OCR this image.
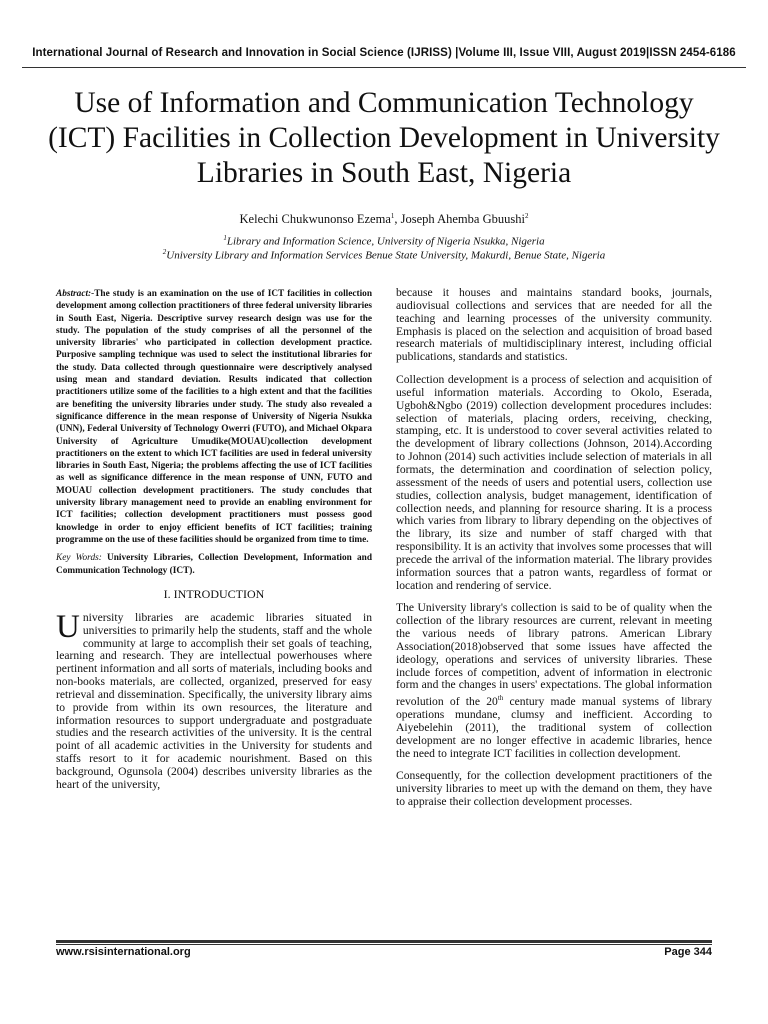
International Journal of Research and Innovation in Social Science (IJRISS) |Volume III, Issue VIII, August 2019|ISSN 2454-6186
Use of Information and Communication Technology (ICT) Facilities in Collection Development in University Libraries in South East, Nigeria
Kelechi Chukwunonso Ezema$^1$, Joseph Ahemba Gbuushi$^2$
$^1$Library and Information Science, University of Nigeria Nsukka, Nigeria
$^2$University Library and Information Services Benue State University, Makurdi, Benue State, Nigeria

Abstract:-The study is an examination on the use of ICT facilities in collection development among collection practitioners of three federal university libraries in South East, Nigeria. Descriptive survey research design was use for the study. The population of the study comprises of all the personnel of the university libraries' who participated in collection development practice. Purposive sampling technique was used to select the institutional libraries for the study. Data collected through questionnaire were descriptively analysed using mean and standard deviation. Results indicated that collection practitioners utilize some of the facilities to a high extent and that the facilities are benefiting the university libraries under study. The study also revealed a significance difference in the mean response of University of Nigeria Nsukka (UNN), Federal University of Technology Owerri (FUTO), and Michael Okpara University of Agriculture Umudike(MOUAU)collection development practitioners on the extent to which ICT facilities are used in federal university libraries in South East, Nigeria; the problems affecting the use of ICT facilities as well as significance difference in the mean response of UNN, FUTO and MOUAU collection development practitioners. The study concludes that university library management need to provide an enabling environment for ICT facilities; collection development practitioners must possess good knowledge in order to enjoy efficient benefits of ICT facilities; training programme on the use of these facilities should be organized from time to time.

Key Words: University Libraries, Collection Development, Information and Communication Technology (ICT).

I. INTRODUCTION

University libraries are academic libraries situated in universities to primarily help the students, staff and the whole community at large to accomplish their set goals of teaching, learning and research. They are intellectual powerhouses where pertinent information and all sorts of materials, including books and non-books materials, are collected, organized, preserved for easy retrieval and dissemination. Specifically, the university library aims to provide from within its own resources, the literature and information resources to support undergraduate and postgraduate studies and the research activities of the university. It is the central point of all academic activities in the University for students and staffs resort to it for academic nourishment. Based on this background, Ogunsola (2004) describes university libraries as the heart of the university,

because it houses and maintains standard books, journals, audiovisual collections and services that are needed for all the teaching and learning processes of the university community. Emphasis is placed on the selection and acquisition of broad based research materials of multidisciplinary interest, including official publications, standards and statistics.

Collection development is a process of selection and acquisition of useful information materials. According to Okolo, Eserada, Ugboh&Ngbo (2019) collection development procedures includes: selection of materials, placing orders, receiving, checking, stamping, etc. It is understood to cover several activities related to the development of library collections (Johnson, 2014).According to Johnon (2014) such activities include selection of materials in all formats, the determination and coordination of selection policy, assessment of the needs of users and potential users, collection use studies, collection analysis, budget management, identification of collection needs, and planning for resource sharing. It is a process which varies from library to library depending on the objectives of the library, its size and number of staff charged with that responsibility. It is an activity that involves some processes that will precede the arrival of the information material. The library provides information sources that a patron wants, regardless of format or location and rendering of service.

The University library's collection is said to be of quality when the collection of the library resources are current, relevant in meeting the various needs of library patrons. American Library Association(2018)observed that some issues have affected the ideology, operations and services of university libraries. These include forces of competition, advent of information in electronic form and the changes in users' expectations. The global information revolution of the 20th century made manual systems of library operations mundane, clumsy and inefficient. According to Aiyebelehin (2011), the traditional system of collection development are no longer effective in academic libraries, hence the need to integrate ICT facilities in collection development.

Consequently, for the collection development practitioners of the university libraries to meet up with the demand on them, they have to appraise their collection development processes.

www.rsisinternational.org	Page 344
